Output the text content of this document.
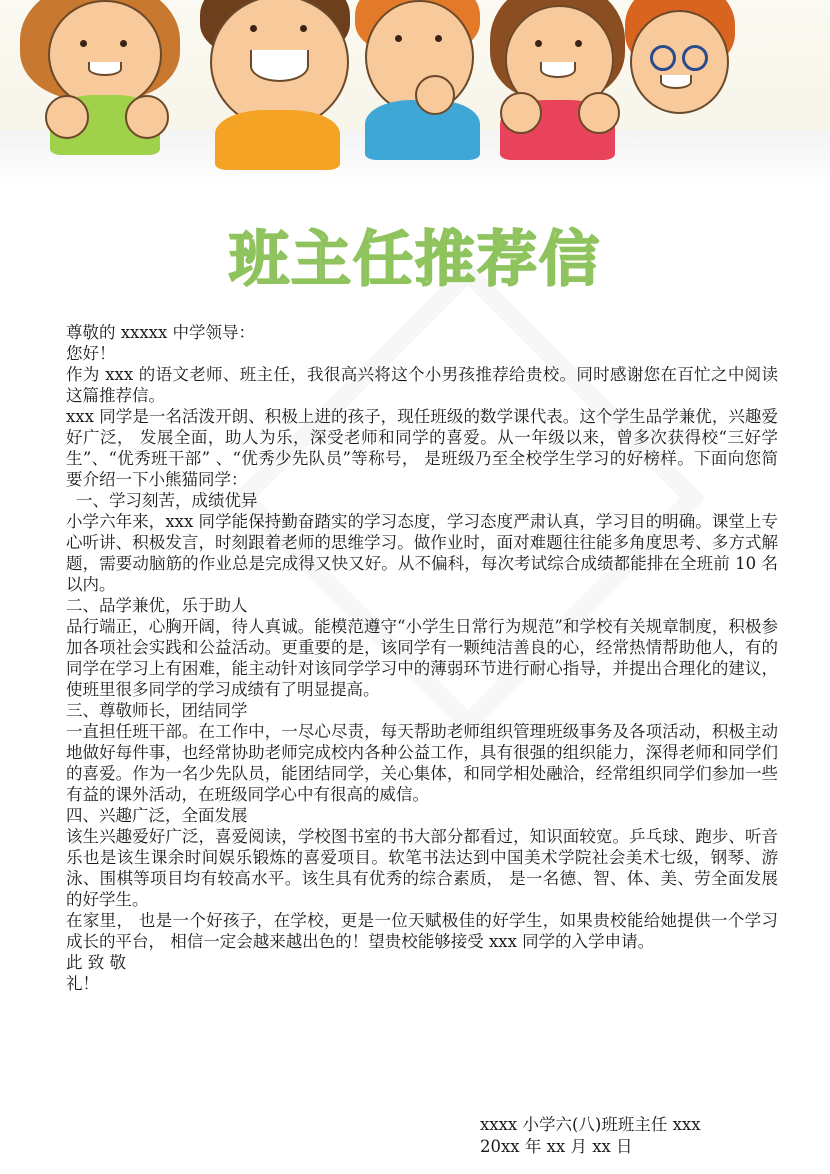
班主任推荐信

尊敬的 xxxxx 中学领导：

您好！

作为 xxx 的语文老师、班主任，我很高兴将这个小男孩推荐给贵校。同时感谢您在百忙之中阅读这篇推荐信。

xxx 同学是一名活泼开朗、积极上进的孩子，现任班级的数学课代表。这个学生品学兼优，兴趣爱好广泛， 发展全面，助人为乐，深受老师和同学的喜爱。从一年级以来，曾多次获得校“三好学生”、“优秀班干部” 、“优秀少先队员”等称号， 是班级乃至全校学生学习的好榜样。下面向您简要介绍一下小熊猫同学：

一、学习刻苦，成绩优异

小学六年来，xxx 同学能保持勤奋踏实的学习态度，学习态度严肃认真，学习目的明确。课堂上专心听讲、积极发言，时刻跟着老师的思维学习。做作业时，面对难题往往能多角度思考、多方式解题，需要动脑筋的作业总是完成得又快又好。从不偏科，每次考试综合成绩都能排在全班前 10 名以内。

二、品学兼优，乐于助人

品行端正，心胸开阔，待人真诚。能模范遵守“小学生日常行为规范”和学校有关规章制度，积极参加各项社会实践和公益活动。更重要的是，该同学有一颗纯洁善良的心，经常热情帮助他人，有的同学在学习上有困难，能主动针对该同学学习中的薄弱环节进行耐心指导，并提出合理化的建议，使班里很多同学的学习成绩有了明显提高。

三、尊敬师长，团结同学

一直担任班干部。在工作中，一尽心尽责，每天帮助老师组织管理班级事务及各项活动，积极主动地做好每件事，也经常协助老师完成校内各种公益工作，具有很强的组织能力，深得老师和同学们的喜爱。作为一名少先队员，能团结同学，关心集体，和同学相处融洽，经常组织同学们参加一些有益的课外活动，在班级同学心中有很高的威信。

四、兴趣广泛，全面发展

该生兴趣爱好广泛，喜爱阅读，学校图书室的书大部分都看过，知识面较宽。乒乓球、跑步、听音乐也是该生课余时间娱乐锻炼的喜爱项目。软笔书法达到中国美术学院社会美术七级，钢琴、游泳、围棋等项目均有较高水平。该生具有优秀的综合素质， 是一名德、智、体、美、劳全面发展的好学生。

在家里， 也是一个好孩子，在学校，更是一位天赋极佳的好学生，如果贵校能给她提供一个学习成长的平台， 相信一定会越来越出色的！望贵校能够接受 xxx 同学的入学申请。

此 致 敬

礼！

xxxx 小学六(八)班班主任 xxx
20xx 年 xx 月 xx 日
